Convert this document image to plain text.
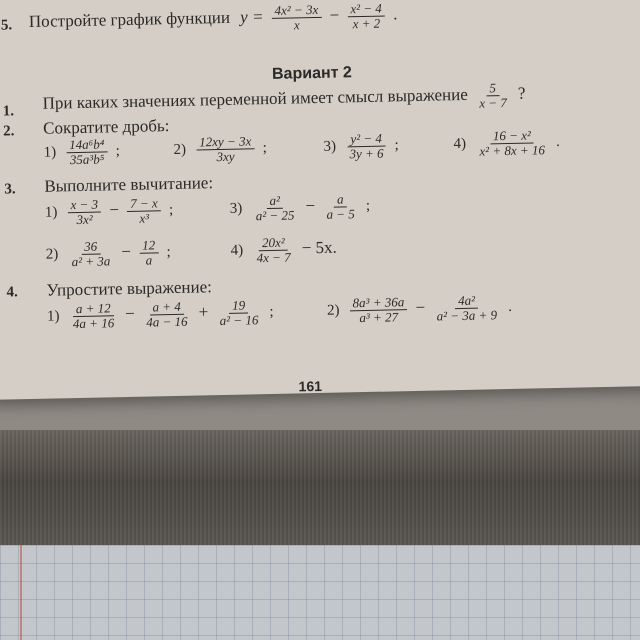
5. Постройте график функции $y = \frac{\text{4x² − 3x}}{x} - \frac{\text{x² − 4}}{x + 2}$ .
Вариант 2
1. При каких значениях переменной имеет смысл выражение $\frac{5}{x - 7}$ ?
2. Сократите дробь:
$1) \frac{\text{14a⁶b⁴}}{\text{35a³b⁵}}$ ;	$2) \frac{12xy - 3x}{3xy}$ ;	$3) \frac{\text{y² − 4}}{3y + 6}$ ;	$4) \frac{\text{16 − x²}}{\text{x² + 8x + 16}}$ .
3. Выполните вычитание:
$1) \frac{x - 3}{\text{3x²}} - \frac{7 - x}{\text{x³}}$ ;	$3) \frac{\text{a²}}{\text{a² − 25}} - \frac{a}{a - 5}$ ;
$2) \frac{36}{\text{a² + 3a}} - \frac{12}{a}$ ;	$4) \frac{\text{20x²}}{4x - 7} - 5x$.
4. Упростите выражение:
$1) \frac{a + 12}{4a + 16} - \frac{a + 4}{4a - 16} + \frac{19}{\text{a² − 16}}$ ;	$2) \frac{\text{8a³ + 36a}}{\text{a³ + 27}} - \frac{\text{4a²}}{\text{a² − 3a + 9}}$ .
161
